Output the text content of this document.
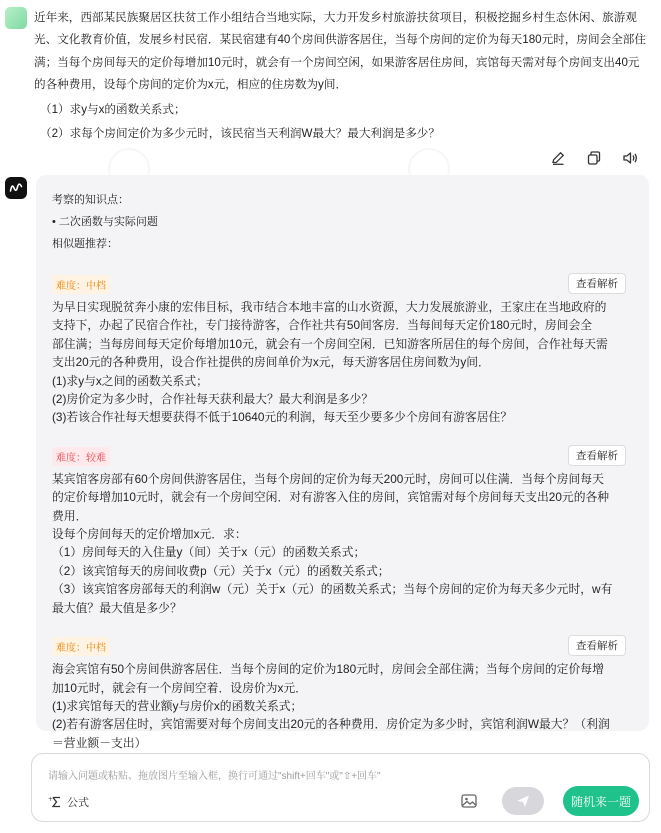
近年来，西部某民族聚居区扶贫工作小组结合当地实际，大力开发乡村旅游扶贫项目，积极挖掘乡村生态休闲、旅游观光、文化教育价值，发展乡村民宿．某民宿建有40个房间供游客居住，当每个房间的定价为每天180元时，房间会全部住满；当每个房间每天的定价每增加10元时，就会有一个房间空闲，如果游客居住房间，宾馆每天需对每个房间支出40元的各种费用，设每个房间的定价为x元，相应的住房数为y间．

（1）求y与x的函数关系式；

（2）求每个房间定价为多少元时，该民宿当天利润W最大？最大利润是多少？

考察的知识点：
• 二次函数与实际问题
相似题推荐：
难度：中档	查看解析
为早日实现脱贫奔小康的宏伟目标，我市结合本地丰富的山水资源，大力发展旅游业，王家庄在当地政府的
支持下，办起了民宿合作社，专门接待游客，合作社共有50间客房．当每间每天定价180元时，房间会全
部住满；当每房间每天定价每增加10元，就会有一个房间空闲．已知游客所居住的每个房间，合作社每天需
支出20元的各种费用，设合作社提供的房间单价为x元，每天游客居住房间数为y间．
(1)求y与x之间的函数关系式；
(2)房价定为多少时，合作社每天获利最大？最大利润是多少？
(3)若该合作社每天想要获得不低于10640元的利润，每天至少要多少个房间有游客居住？
难度：较难	查看解析
某宾馆客房部有60个房间供游客居住，当每个房间的定价为每天200元时，房间可以住满．当每个房间每天
的定价每增加10元时，就会有一个房间空闲．对有游客入住的房间，宾馆需对每个房间每天支出20元的各种
费用．
设每个房间每天的定价增加x元．求：
（1）房间每天的入住量y（间）关于x（元）的函数关系式；
（2）该宾馆每天的房间收费p（元）关于x（元）的函数关系式；
（3）该宾馆客房部每天的利润w（元）关于x（元）的函数关系式；当每个房间的定价为每天多少元时，w有
最大值？最大值是多少？
难度：中档	查看解析
海会宾馆有50个房间供游客居住．当每个房间的定价为180元时，房间会全部住满；当每个房间的定价每增
加10元时，就会有一个房间空着．设房价为x元．
(1)求宾馆每天的营业额y与房价x的函数关系式；
(2)若有游客居住时，宾馆需要对每个房间支出20元的各种费用．房价定为多少时，宾馆利润W最大？（利润
＝营业额－支出）
请输入问题或粘贴、拖放图片至输入框，换行可通过"shift+回车"或"⇧+回车"
+ 公式	随机来一题
